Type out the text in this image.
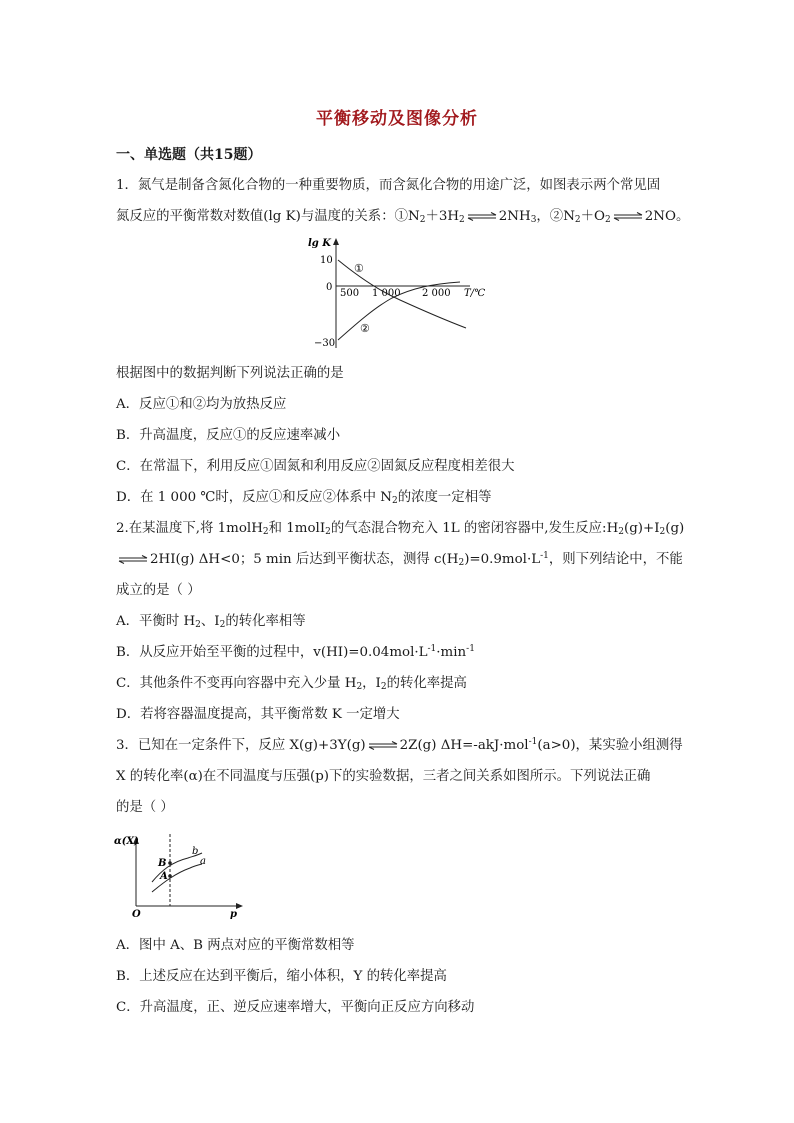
平衡移动及图像分析
一、单选题（共15题）
1．氮气是制备含氮化合物的一种重要物质，而含氮化合物的用途广泛，如图表示两个常见固
氮反应的平衡常数对数值(lg K)与温度的关系：$①N_2+3H_2$ ⇌ $2NH_3$，$②N_2+O_2$ ⇌ 2NO。
lg K
10
0
−30
500 1 000 2 000 T/℃
①
②
根据图中的数据判断下列说法正确的是
A．反应①和②均为放热反应
B．升高温度，反应①的反应速率减小
C．在常温下，利用反应①固氮和利用反应②固氮反应程度相差很大
D．在 1 000 ℃时，反应①和反应②体系中 $N_2$的浓度一定相等
2.在某温度下,将 1molH$_2$和 1molI$_2$的气态混合物充入 1L 的密闭容器中,发生反应$:H_2(g)+I_2(g)$
⇌ 2HI(g) ΔH<0；5 min 后达到平衡状态，测得 $c(H_2)=0.9mol\cdot L^{-1}$，则下列结论中，不能
成立的是（ ）
A．平衡时 $H_2$、$I_2$的转化率相等
B．从反应开始至平衡的过程中，$v(HI)=0.04mol\cdot L^{-1}\cdot\min^{-1}$
C．其他条件不变再向容器中充入少量 $H_2$，$I_2$的转化率提高
D．若将容器温度提高，其平衡常数 K 一定增大
3．已知在一定条件下，反应 X(g)+3Y(g) ⇌ 2Z(g) ΔH=-akJ·mol$^{-1}$(a>0)，某实验小组测得
X 的转化率(α)在不同温度与压强(p)下的实验数据，三者之间关系如图所示。下列说法正确
的是（ ）
α(X)
O	p
B
A
b
a
A．图中 A、B 两点对应的平衡常数相等
B．上述反应在达到平衡后，缩小体积，Y 的转化率提高
C．升高温度，正、逆反应速率增大，平衡向正反应方向移动
